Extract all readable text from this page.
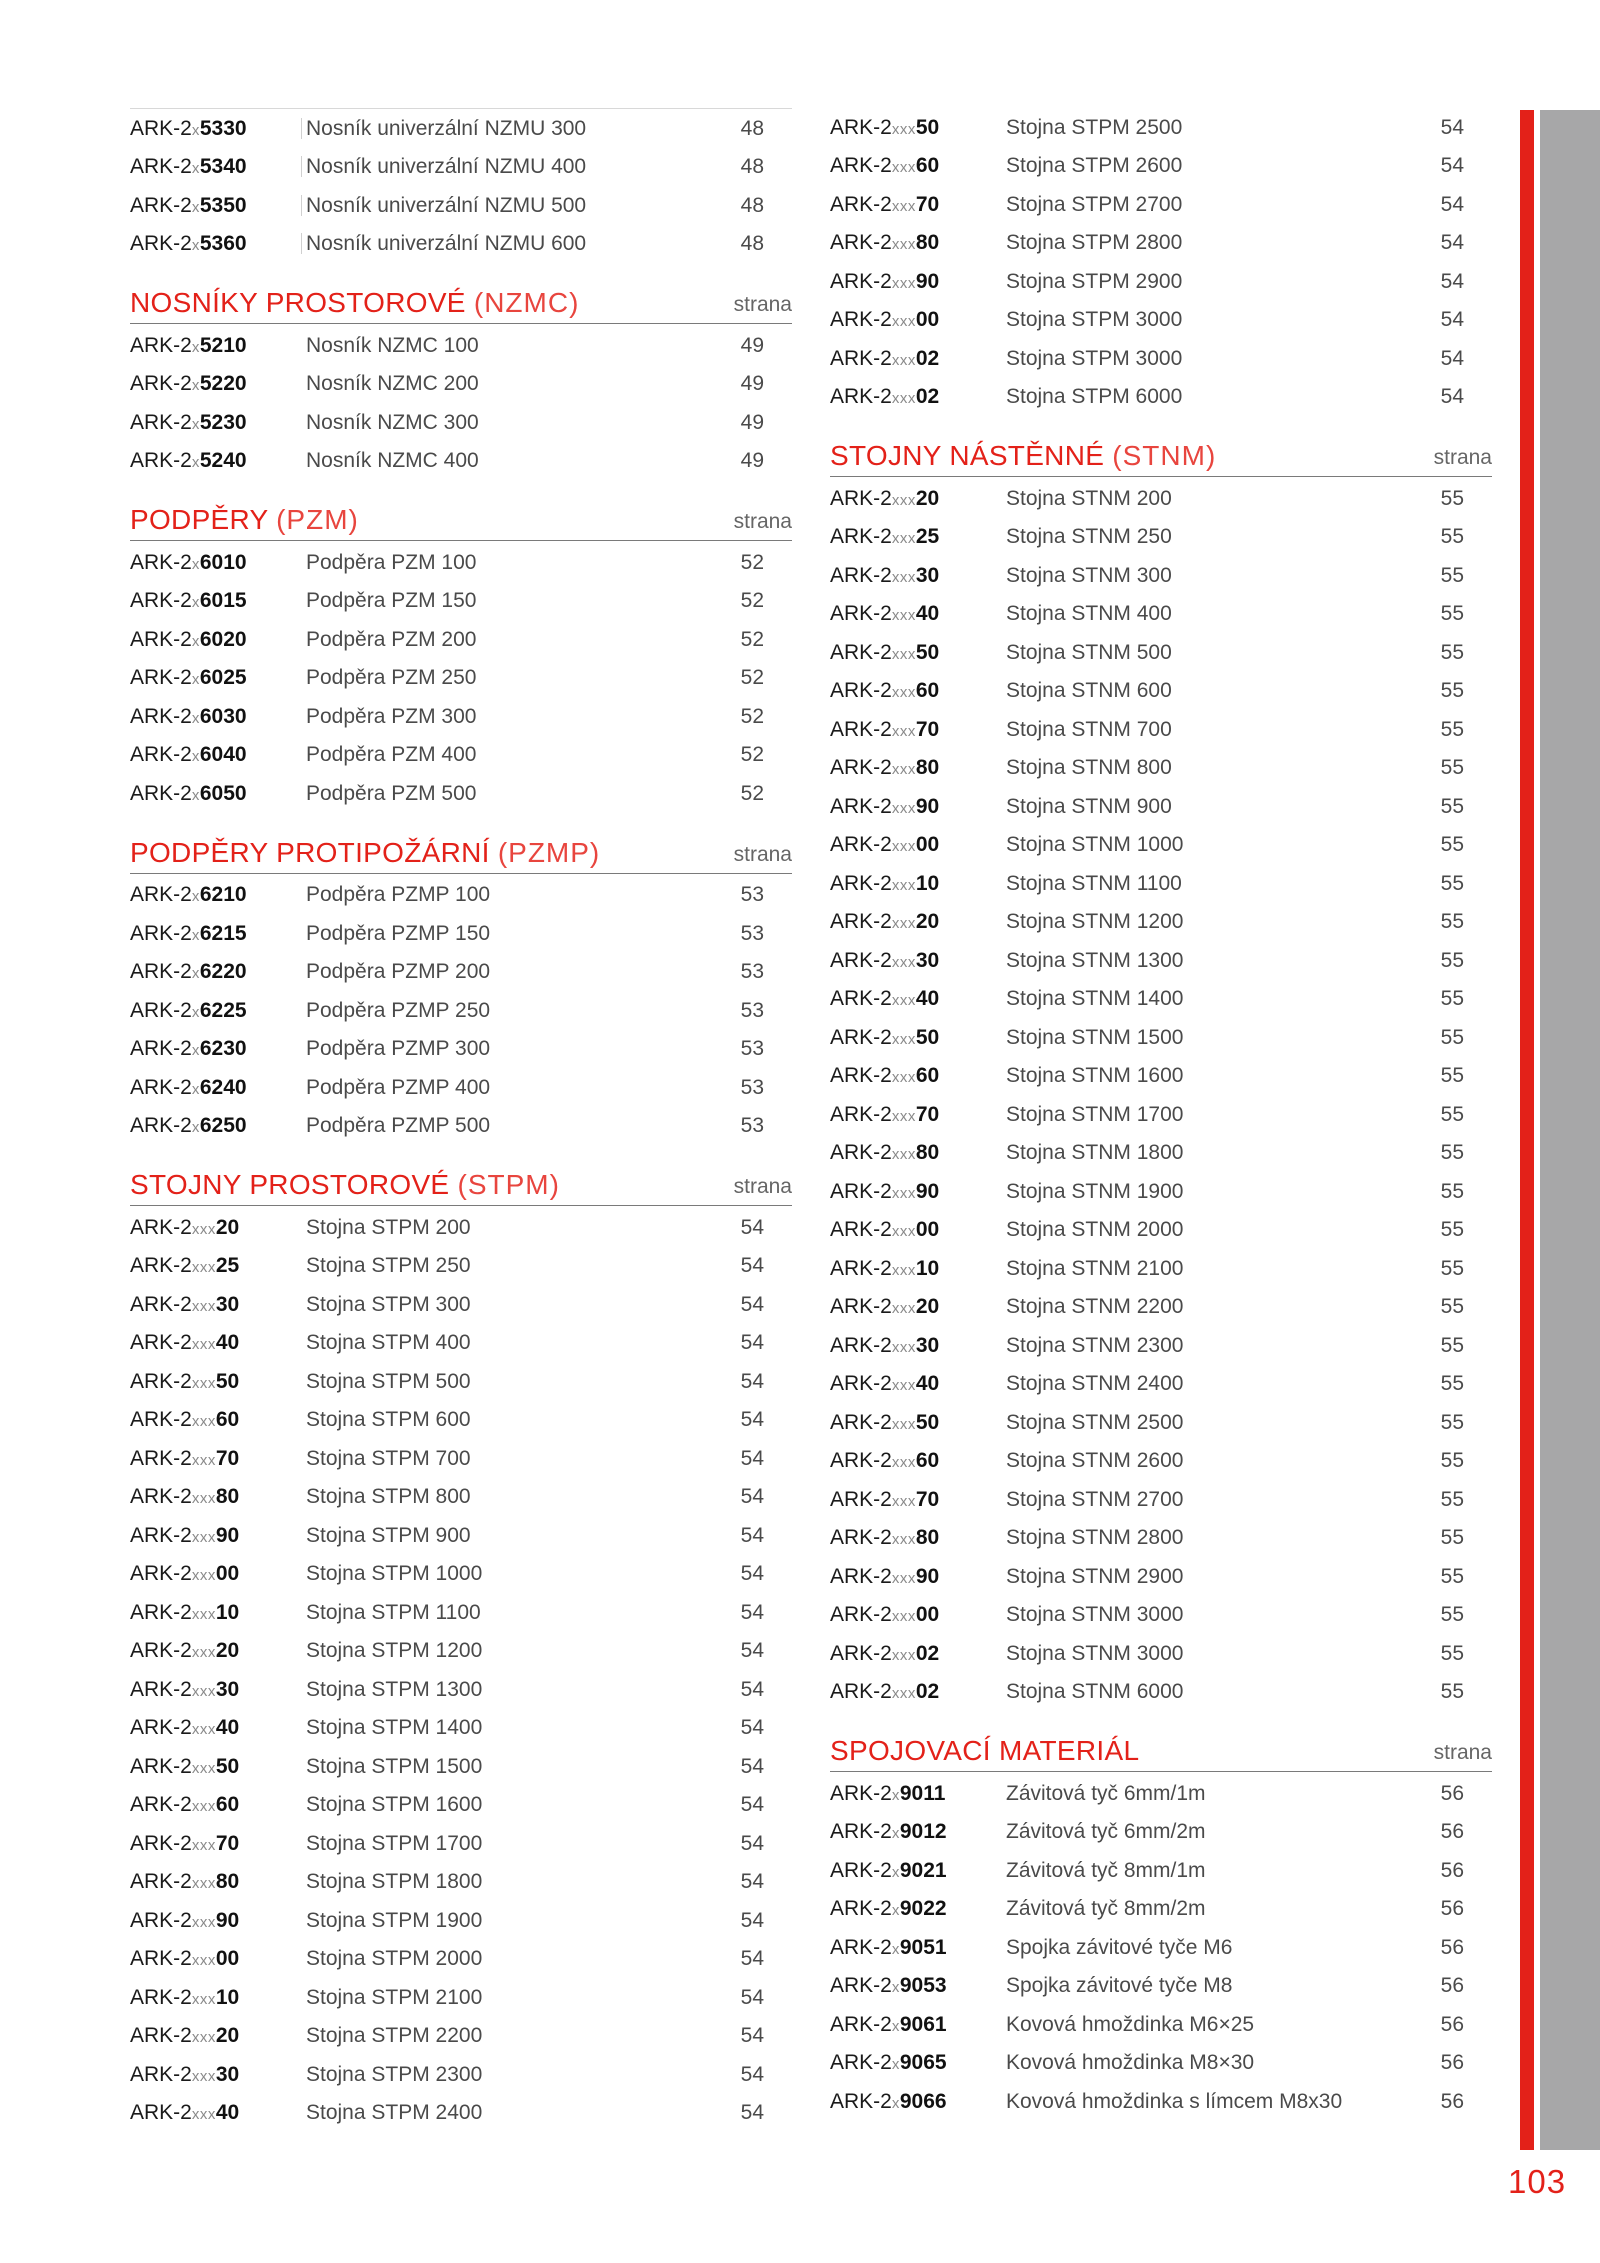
ARK-2x5330	Nosník univerzální NZMU 300	48
ARK-2x5340	Nosník univerzální NZMU 400	48
ARK-2x5350	Nosník univerzální NZMU 500	48
ARK-2x5360	Nosník univerzální NZMU 600	48
NOSNÍKY PROSTOROVÉ (NZMC)	strana
ARK-2x5210	Nosník NZMC 100	49
ARK-2x5220	Nosník NZMC 200	49
ARK-2x5230	Nosník NZMC 300	49
ARK-2x5240	Nosník NZMC 400	49
PODPĚRY (PZM)	strana
ARK-2x6010	Podpěra PZM 100	52
ARK-2x6015	Podpěra PZM 150	52
ARK-2x6020	Podpěra PZM 200	52
ARK-2x6025	Podpěra PZM 250	52
ARK-2x6030	Podpěra PZM 300	52
ARK-2x6040	Podpěra PZM 400	52
ARK-2x6050	Podpěra PZM 500	52
PODPĚRY PROTIPOŽÁRNÍ (PZMP)	strana
ARK-2x6210	Podpěra PZMP 100	53
ARK-2x6215	Podpěra PZMP 150	53
ARK-2x6220	Podpěra PZMP 200	53
ARK-2x6225	Podpěra PZMP 250	53
ARK-2x6230	Podpěra PZMP 300	53
ARK-2x6240	Podpěra PZMP 400	53
ARK-2x6250	Podpěra PZMP 500	53
STOJNY PROSTOROVÉ (STPM)	strana
ARK-2xxx20	Stojna STPM 200	54
ARK-2xxx25	Stojna STPM 250	54
ARK-2xxx30	Stojna STPM 300	54
ARK-2xxx40	Stojna STPM 400	54
ARK-2xxx50	Stojna STPM 500	54
ARK-2xxx60	Stojna STPM 600	54
ARK-2xxx70	Stojna STPM 700	54
ARK-2xxx80	Stojna STPM 800	54
ARK-2xxx90	Stojna STPM 900	54
ARK-2xxx00	Stojna STPM 1000	54
ARK-2xxx10	Stojna STPM 1100	54
ARK-2xxx20	Stojna STPM 1200	54
ARK-2xxx30	Stojna STPM 1300	54
ARK-2xxx40	Stojna STPM 1400	54
ARK-2xxx50	Stojna STPM 1500	54
ARK-2xxx60	Stojna STPM 1600	54
ARK-2xxx70	Stojna STPM 1700	54
ARK-2xxx80	Stojna STPM 1800	54
ARK-2xxx90	Stojna STPM 1900	54
ARK-2xxx00	Stojna STPM 2000	54
ARK-2xxx10	Stojna STPM 2100	54
ARK-2xxx20	Stojna STPM 2200	54
ARK-2xxx30	Stojna STPM 2300	54
ARK-2xxx40	Stojna STPM 2400	54
ARK-2xxx50	Stojna STPM 2500	54
ARK-2xxx60	Stojna STPM 2600	54
ARK-2xxx70	Stojna STPM 2700	54
ARK-2xxx80	Stojna STPM 2800	54
ARK-2xxx90	Stojna STPM 2900	54
ARK-2xxx00	Stojna STPM 3000	54
ARK-2xxx02	Stojna STPM 3000	54
ARK-2xxx02	Stojna STPM 6000	54
STOJNY NÁSTĚNNÉ (STNM)	strana
ARK-2xxx20	Stojna STNM 200	55
ARK-2xxx25	Stojna STNM 250	55
ARK-2xxx30	Stojna STNM 300	55
ARK-2xxx40	Stojna STNM 400	55
ARK-2xxx50	Stojna STNM 500	55
ARK-2xxx60	Stojna STNM 600	55
ARK-2xxx70	Stojna STNM 700	55
ARK-2xxx80	Stojna STNM 800	55
ARK-2xxx90	Stojna STNM 900	55
ARK-2xxx00	Stojna STNM 1000	55
ARK-2xxx10	Stojna STNM 1100	55
ARK-2xxx20	Stojna STNM 1200	55
ARK-2xxx30	Stojna STNM 1300	55
ARK-2xxx40	Stojna STNM 1400	55
ARK-2xxx50	Stojna STNM 1500	55
ARK-2xxx60	Stojna STNM 1600	55
ARK-2xxx70	Stojna STNM 1700	55
ARK-2xxx80	Stojna STNM 1800	55
ARK-2xxx90	Stojna STNM 1900	55
ARK-2xxx00	Stojna STNM 2000	55
ARK-2xxx10	Stojna STNM 2100	55
ARK-2xxx20	Stojna STNM 2200	55
ARK-2xxx30	Stojna STNM 2300	55
ARK-2xxx40	Stojna STNM 2400	55
ARK-2xxx50	Stojna STNM 2500	55
ARK-2xxx60	Stojna STNM 2600	55
ARK-2xxx70	Stojna STNM 2700	55
ARK-2xxx80	Stojna STNM 2800	55
ARK-2xxx90	Stojna STNM 2900	55
ARK-2xxx00	Stojna STNM 3000	55
ARK-2xxx02	Stojna STNM 3000	55
ARK-2xxx02	Stojna STNM 6000	55
SPOJOVACÍ MATERIÁL	strana
ARK-2x9011	Závitová tyč 6mm/1m	56
ARK-2x9012	Závitová tyč 6mm/2m	56
ARK-2x9021	Závitová tyč 8mm/1m	56
ARK-2x9022	Závitová tyč 8mm/2m	56
ARK-2x9051	Spojka závitové tyče M6	56
ARK-2x9053	Spojka závitové tyče M8	56
ARK-2x9061	Kovová hmoždinka M6×25	56
ARK-2x9065	Kovová hmoždinka M8×30	56
ARK-2x9066	Kovová hmoždinka s límcem M8x30	56
103
